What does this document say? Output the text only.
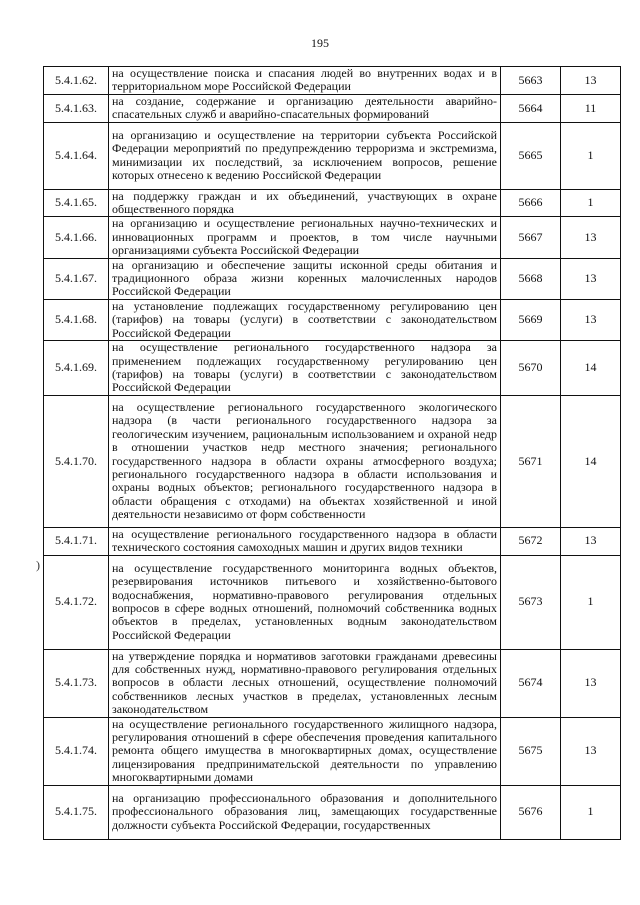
195
)
5.4.1.62.	на осуществление поиска и спасания людей во внутренних водах и в территориальном море Российской Федерации	5663	13
5.4.1.63.	на создание, содержание и организацию деятельности аварийно-спасательных служб и аварийно-спасательных формирований	5664	11
5.4.1.64.	на организацию и осуществление на территории субъекта Российской Федерации мероприятий по предупреждению терроризма и экстремизма, минимизации их последствий, за исключением вопросов, решение которых отнесено к ведению Российской Федерации	5665	1
5.4.1.65.	на поддержку граждан и их объединений, участвующих в охране общественного порядка	5666	1
5.4.1.66.	на организацию и осуществление региональных научно-технических и инновационных программ и проектов, в том числе научными организациями субъекта Российской Федерации	5667	13
5.4.1.67.	на организацию и обеспечение защиты исконной среды обитания и традиционного образа жизни коренных малочисленных народов Российской Федерации	5668	13
5.4.1.68.	на установление подлежащих государственному регулированию цен (тарифов) на товары (услуги) в соответствии с законодательством Российской Федерации	5669	13
5.4.1.69.	на осуществление регионального государственного надзора за применением подлежащих государственному регулированию цен (тарифов) на товары (услуги) в соответствии с законодательством Российской Федерации	5670	14
5.4.1.70.	на осуществление регионального государственного экологического надзора (в части регионального государственного надзора за геологическим изучением, рациональным использованием и охраной недр в отношении участков недр местного значения; регионального государственного надзора в области охраны атмосферного воздуха; регионального государственного надзора в области использования и охраны водных объектов; регионального государственного надзора в области обращения с отходами) на объектах хозяйственной и иной деятельности независимо от форм собственности	5671	14
5.4.1.71.	на осуществление регионального государственного надзора в области технического состояния самоходных машин и других видов техники	5672	13
5.4.1.72.	на осуществление государственного мониторинга водных объектов, резервирования источников питьевого и хозяйственно-бытового водоснабжения, нормативно-правового регулирования отдельных вопросов в сфере водных отношений, полномочий собственника водных объектов в пределах, установленных водным законодательством Российской Федерации	5673	1
5.4.1.73.	на утверждение порядка и нормативов заготовки гражданами древесины для собственных нужд, нормативно-правового регулирования отдельных вопросов в области лесных отношений, осуществление полномочий собственников лесных участков в пределах, установленных лесным законодательством	5674	13
5.4.1.74.	на осуществление регионального государственного жилищного надзора, регулирования отношений в сфере обеспечения проведения капитального ремонта общего имущества в многоквартирных домах, осуществление лицензирования предпринимательской деятельности по управлению многоквартирными домами	5675	13
5.4.1.75.	на организацию профессионального образования и дополнительного профессионального образования лиц, замещающих государственные должности субъекта Российской Федерации, государственных	5676	1
